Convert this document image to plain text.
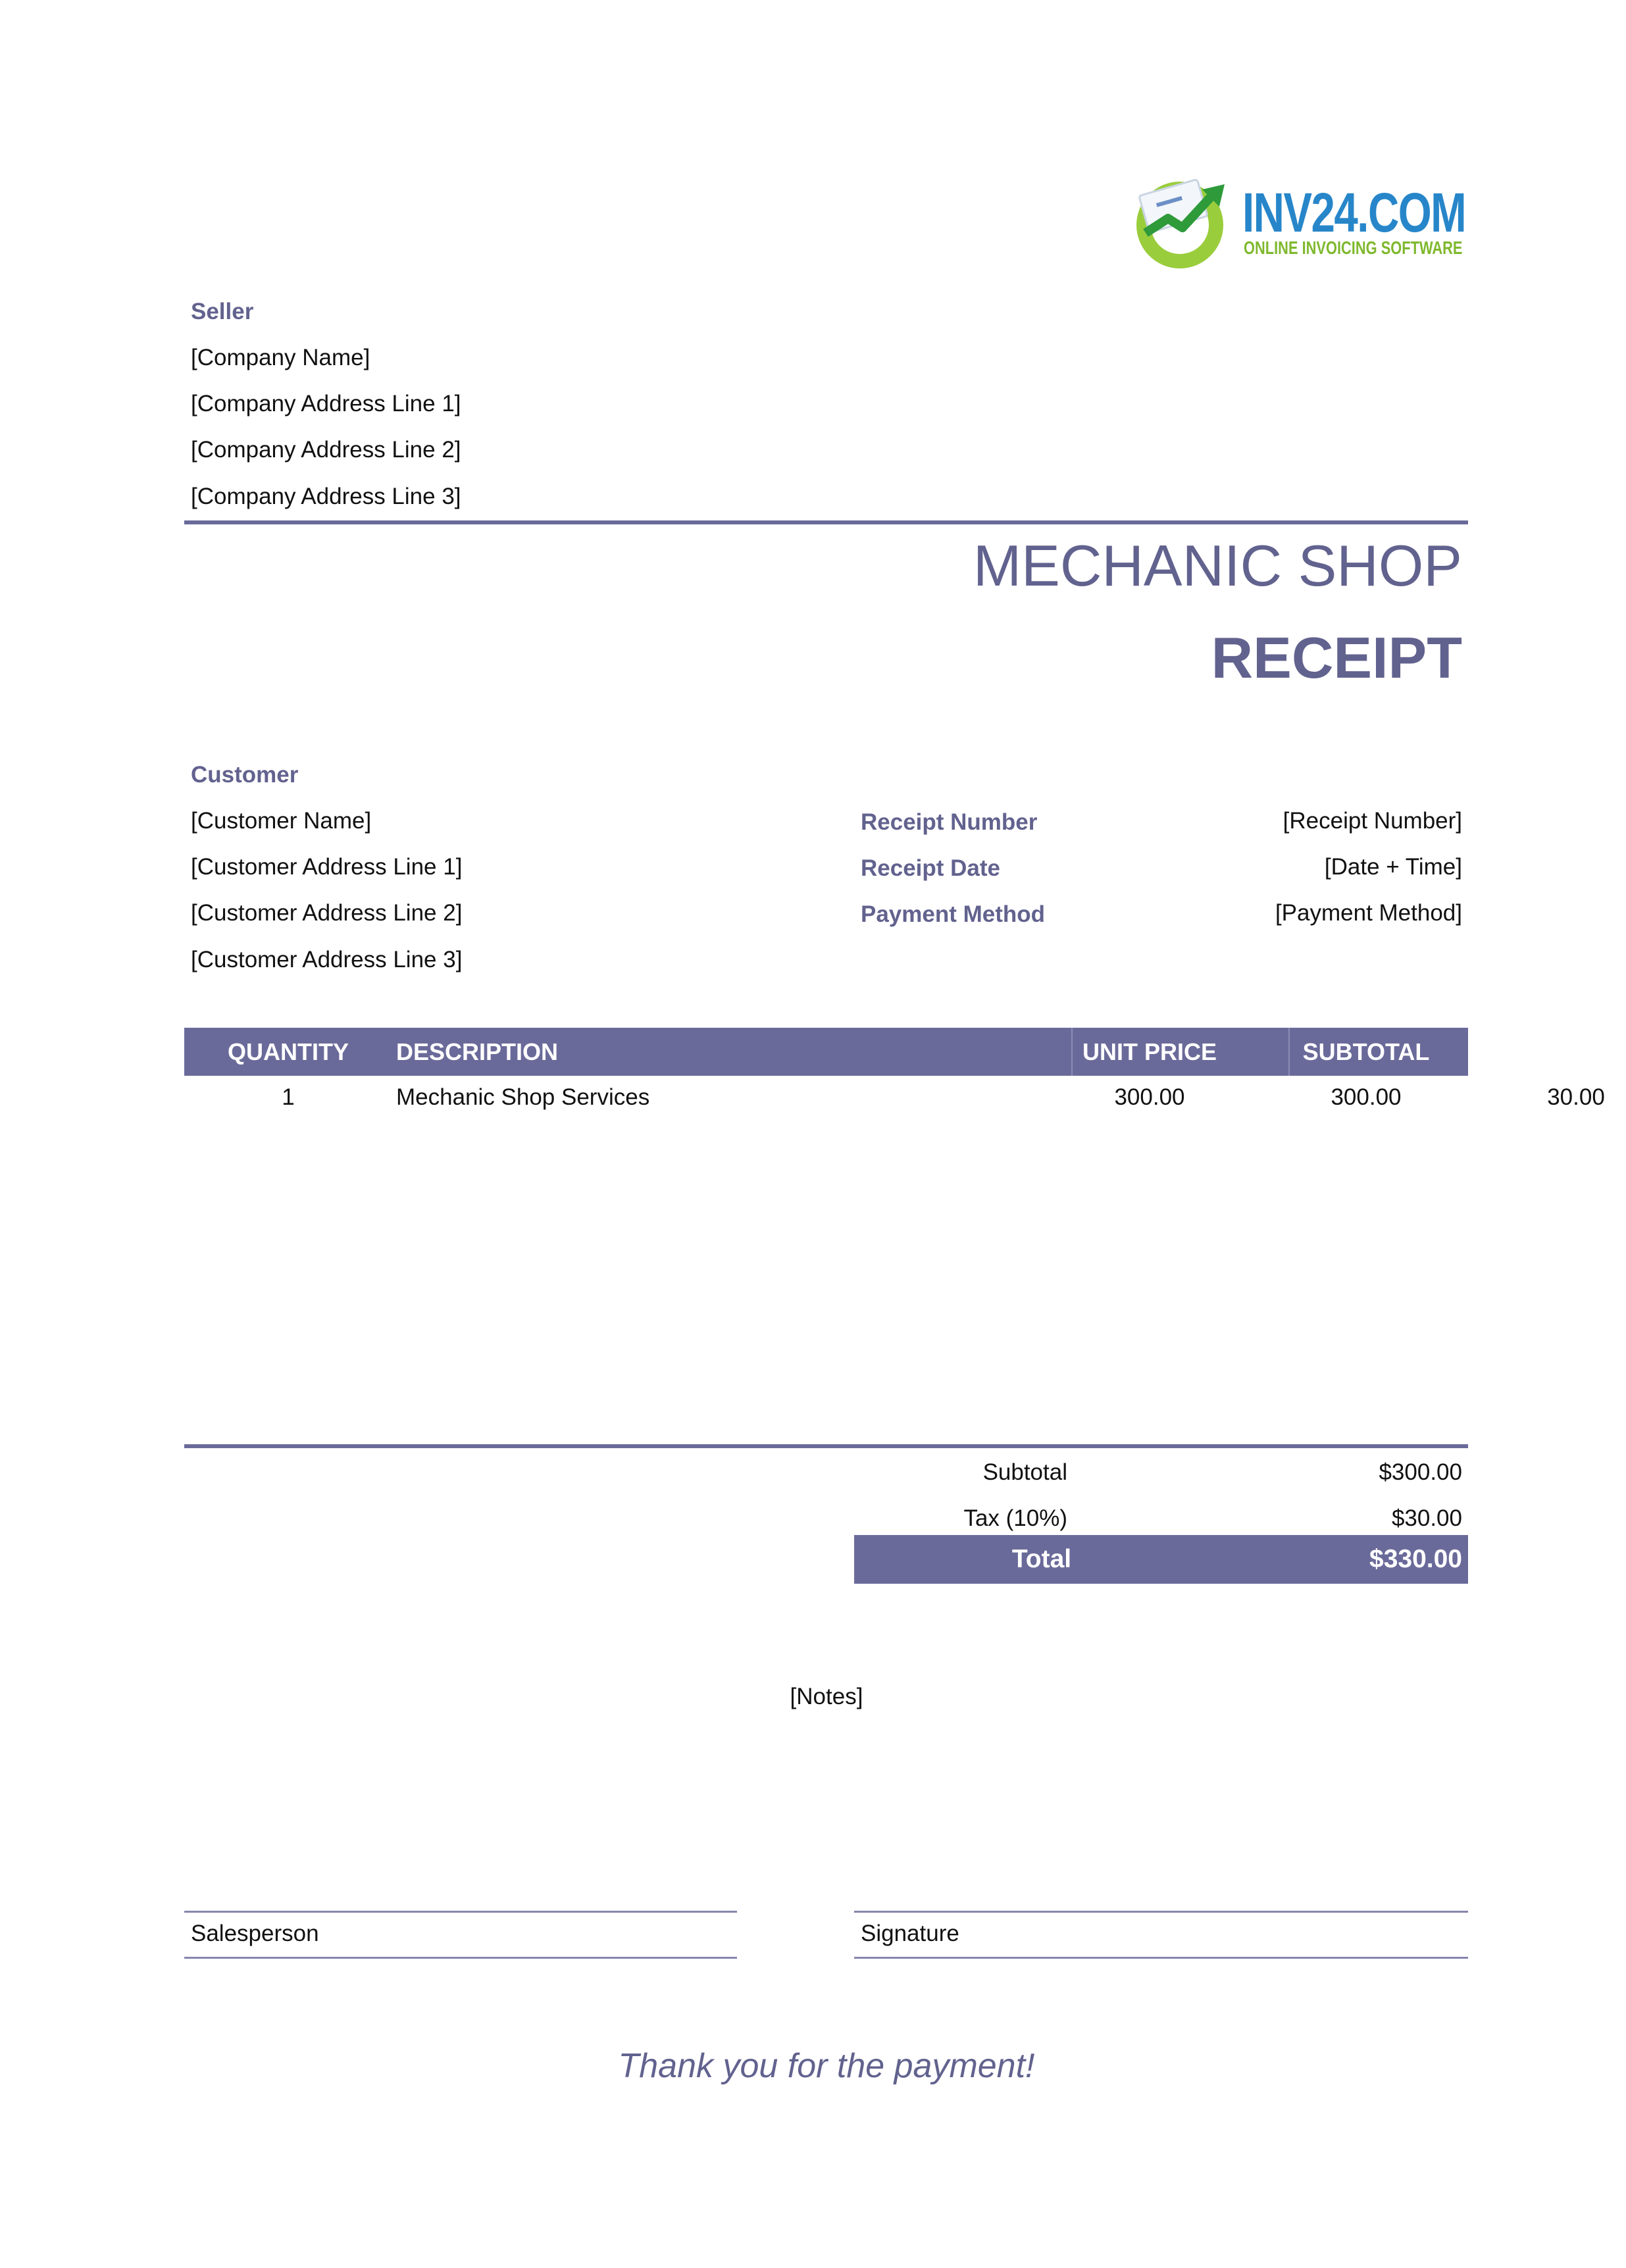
INV24.COM
ONLINE INVOICING SOFTWARE
Seller
[Company Name]
[Company Address Line 1]
[Company Address Line 2]
[Company Address Line 3]
MECHANIC SHOP
RECEIPT
Customer
[Customer Name]
[Customer Address Line 1]
[Customer Address Line 2]
[Customer Address Line 3]
Receipt Number	[Receipt Number]
Receipt Date	[Date + Time]
Payment Method	[Payment Method]
QUANTITY	DESCRIPTION	UNIT PRICE	SUBTOTAL	TAX
1	Mechanic Shop Services	300.00	300.00	30.00
Subtotal	$300.00
Tax (10%)	$30.00
Total	$330.00
[Notes]
Salesperson	Signature
Thank you for the payment!
